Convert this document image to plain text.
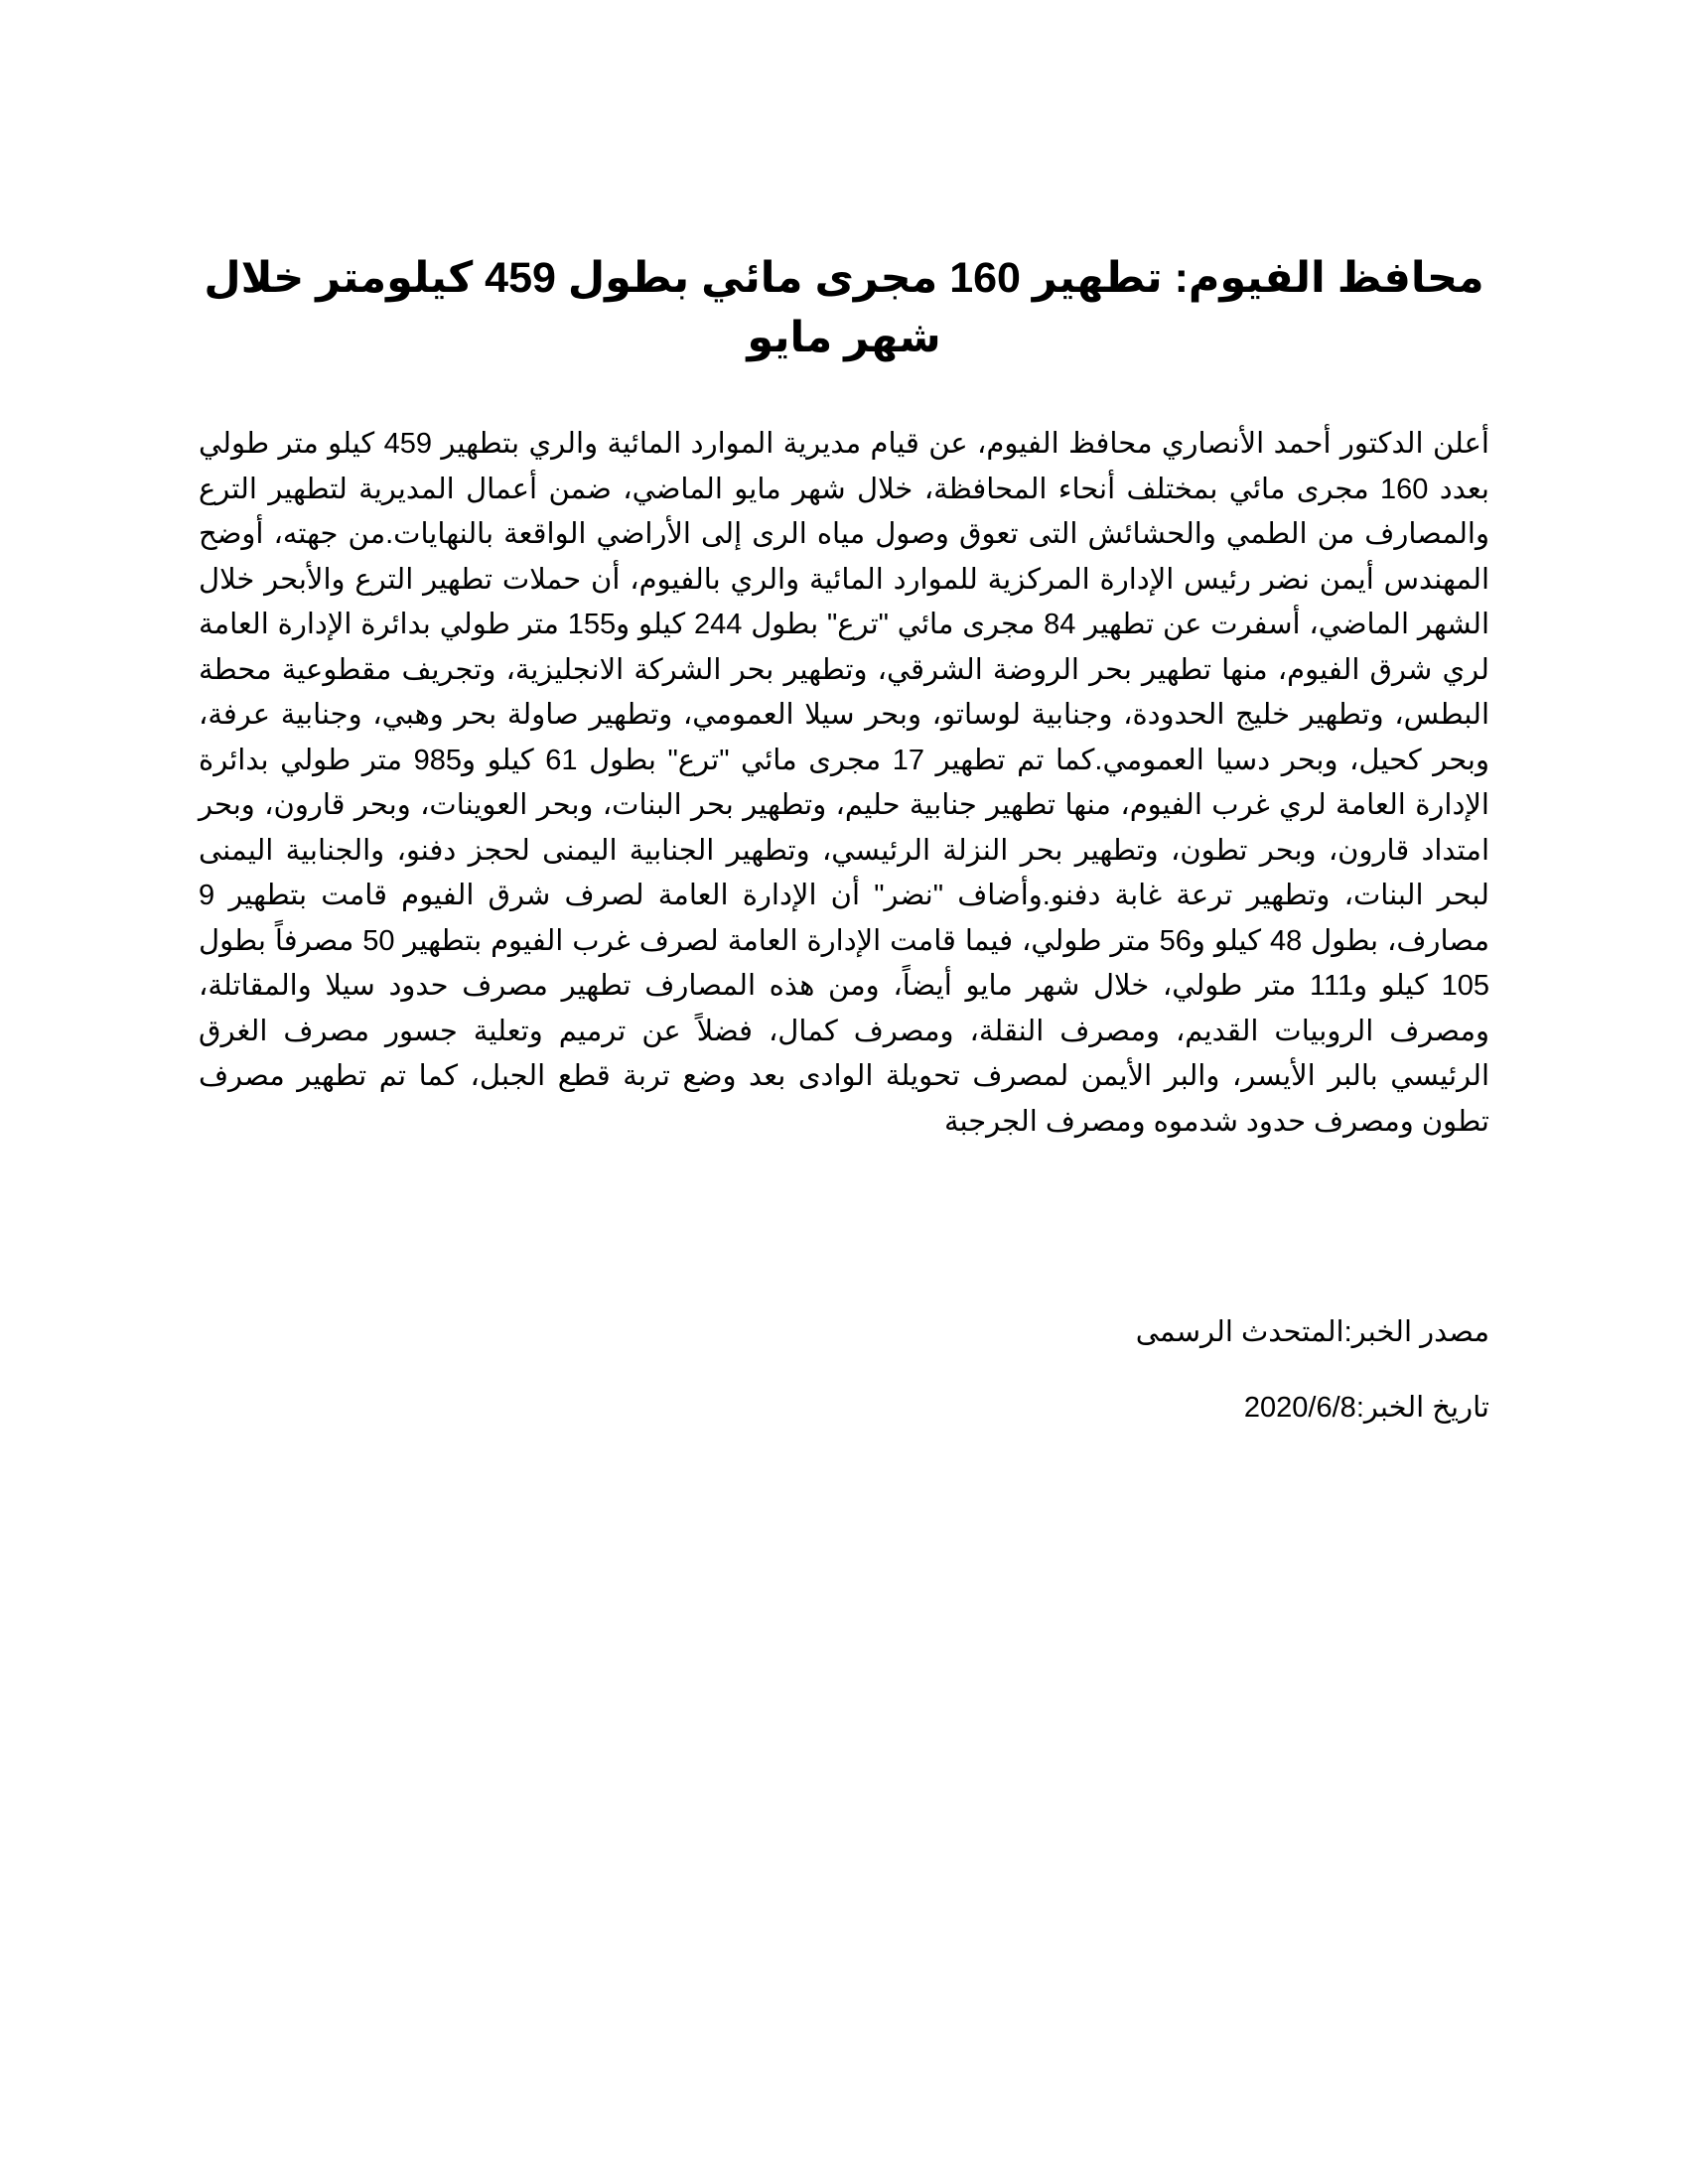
محافظ الفيوم: تطهير 160 مجرى مائي بطول 459 كيلومتر خلال شهر مايو

أعلن الدكتور أحمد الأنصاري محافظ الفيوم، عن قيام مديرية الموارد المائية والري بتطهير 459 كيلو متر طولي بعدد 160 مجرى مائي بمختلف أنحاء المحافظة، خلال شهر مايو الماضي، ضمن أعمال المديرية لتطهير الترع والمصارف من الطمي والحشائش التى تعوق وصول مياه الرى إلى الأراضي الواقعة بالنهايات.من جهته، أوضح المهندس أيمن نضر رئيس الإدارة المركزية للموارد المائية والري بالفيوم، أن حملات تطهير الترع والأبحر خلال الشهر الماضي، أسفرت عن تطهير 84 مجرى مائي "ترع" بطول 244 كيلو و155 متر طولي بدائرة الإدارة العامة لري شرق الفيوم، منها تطهير بحر الروضة الشرقي، وتطهير بحر الشركة الانجليزية، وتجريف مقطوعية محطة البطس، وتطهير خليج الحدودة، وجنابية لوساتو، وبحر سيلا العمومي، وتطهير صاولة بحر وهبي، وجنابية عرفة، وبحر كحيل، وبحر دسيا العمومي.كما تم تطهير 17 مجرى مائي "ترع" بطول 61 كيلو و985 متر طولي بدائرة الإدارة العامة لري غرب الفيوم، منها تطهير جنابية حليم، وتطهير بحر البنات، وبحر العوينات، وبحر قارون، وبحر امتداد قارون، وبحر تطون، وتطهير بحر النزلة الرئيسي، وتطهير الجنابية اليمنى لحجز دفنو، والجنابية اليمنى لبحر البنات، وتطهير ترعة غابة دفنو.وأضاف "نضر" أن الإدارة العامة لصرف شرق الفيوم قامت بتطهير 9 مصارف، بطول 48 كيلو و56 متر طولي، فيما قامت الإدارة العامة لصرف غرب الفيوم بتطهير 50 مصرفاً بطول 105 كيلو و111 متر طولي، خلال شهر مايو أيضاً، ومن هذه المصارف تطهير مصرف حدود سيلا والمقاتلة، ومصرف الروبيات القديم، ومصرف النقلة، ومصرف كمال، فضلاً عن ترميم وتعلية جسور مصرف الغرق الرئيسي بالبر الأيسر، والبر الأيمن لمصرف تحويلة الوادى بعد وضع تربة قطع الجبل، كما تم تطهير مصرف تطون ومصرف حدود شدموه ومصرف الجرجبة

مصدر الخبر:المتحدث الرسمى

تاريخ الخبر:2020/6/8
